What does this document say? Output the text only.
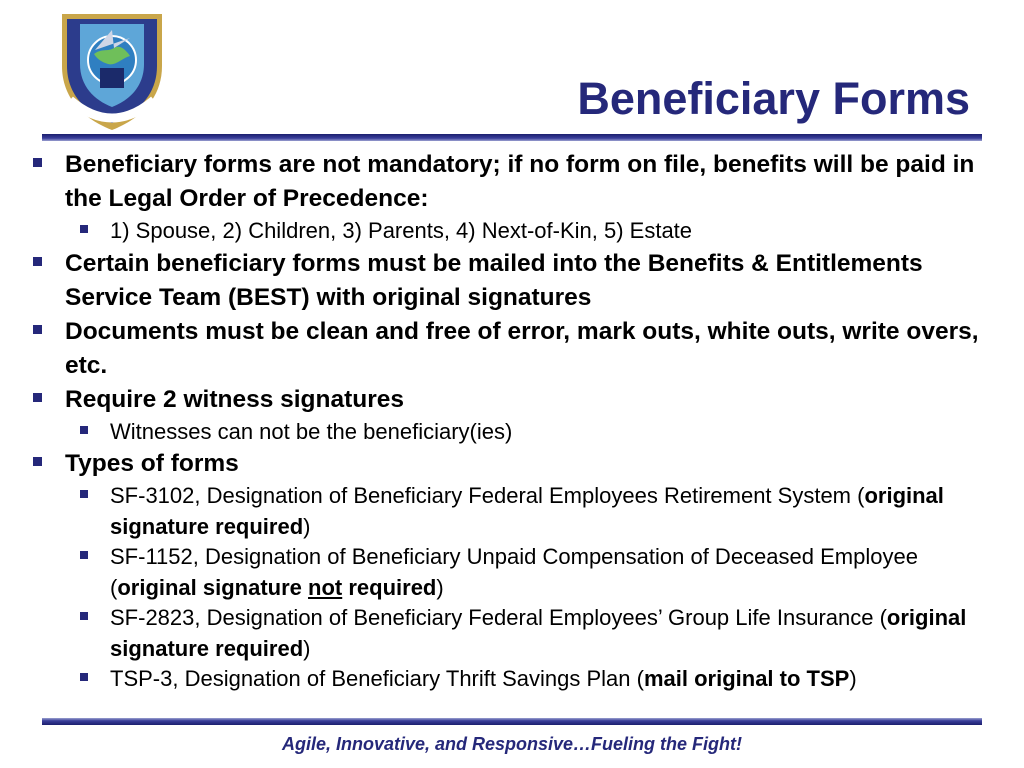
Beneficiary Forms
Beneficiary forms are not mandatory; if no form on file, benefits will be paid in the Legal Order of Precedence:
1) Spouse, 2) Children, 3) Parents, 4) Next-of-Kin, 5) Estate
Certain beneficiary forms must be mailed into the Benefits & Entitlements Service Team (BEST) with original signatures
Documents must be clean and free of error, mark outs, white outs, write overs, etc.
Require 2 witness signatures
Witnesses can not be the beneficiary(ies)
Types of forms
SF-3102, Designation of Beneficiary Federal Employees Retirement System (original signature required)
SF-1152, Designation of Beneficiary Unpaid Compensation of Deceased Employee (original signature not required)
SF-2823, Designation of Beneficiary Federal Employees’ Group Life Insurance (original signature required)
TSP-3, Designation of Beneficiary Thrift Savings Plan (mail original to TSP)
Agile, Innovative, and Responsive…Fueling the Fight!
